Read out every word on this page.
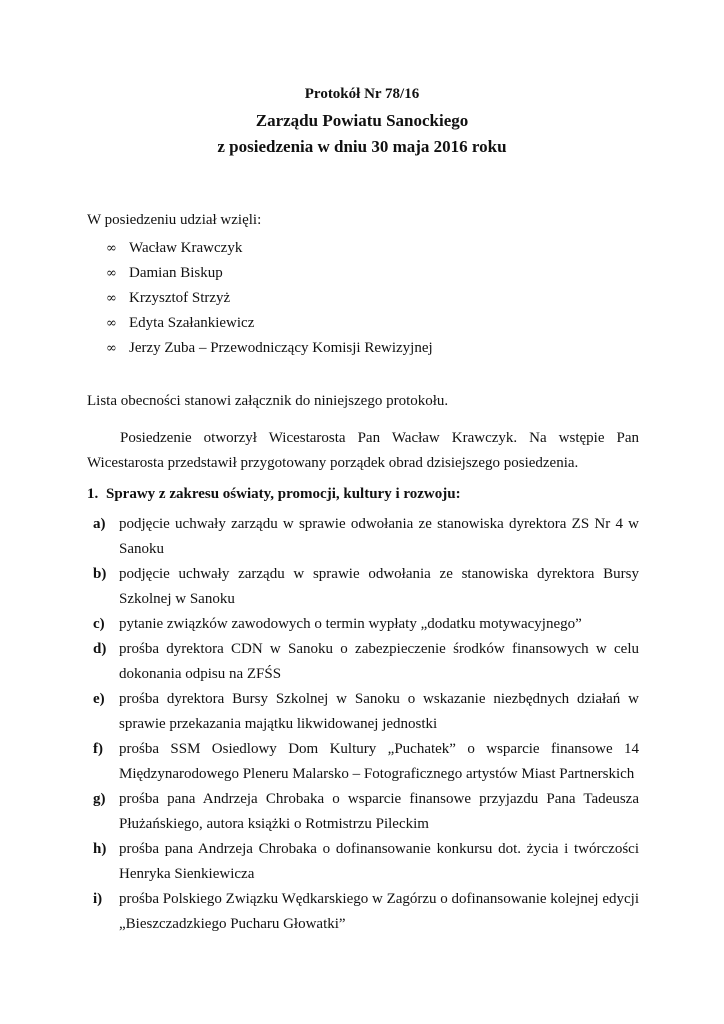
Protokół Nr 78/16
Zarządu Powiatu Sanockiego
z posiedzenia w dniu 30 maja 2016 roku
W posiedzeniu udział wzięli:
∞ Wacław Krawczyk
∞ Damian Biskup
∞ Krzysztof Strzyż
∞ Edyta Szałankiewicz
∞ Jerzy Zuba – Przewodniczący Komisji Rewizyjnej
Lista obecności stanowi załącznik do niniejszego protokołu.
Posiedzenie otworzył Wicestarosta Pan Wacław Krawczyk. Na wstępie Pan Wicestarosta przedstawił przygotowany porządek obrad dzisiejszego posiedzenia.
1. Sprawy z zakresu oświaty, promocji, kultury i rozwoju:
a) podjęcie uchwały zarządu w sprawie odwołania ze stanowiska dyrektora ZS Nr 4 w Sanoku
b) podjęcie uchwały zarządu w sprawie odwołania ze stanowiska dyrektora Bursy Szkolnej w Sanoku
c) pytanie związków zawodowych o termin wypłaty „dodatku motywacyjnego”
d) prośba dyrektora CDN w Sanoku o zabezpieczenie środków finansowych w celu dokonania odpisu na ZFŚS
e) prośba dyrektora Bursy Szkolnej w Sanoku o wskazanie niezbędnych działań w sprawie przekazania majątku likwidowanej jednostki
f)	prośba SSM Osiedlowy Dom Kultury „Puchatek” o wsparcie finansowe 14 Międzynarodowego Pleneru Malarsko – Fotograficznego artystów Miast Partnerskich
g) prośba pana Andrzeja Chrobaka o wsparcie finansowe przyjazdu Pana Tadeusza Płużańskiego, autora książki o Rotmistrzu Pileckim
h) prośba pana Andrzeja Chrobaka o dofinansowanie konkursu dot. życia i twórczości Henryka Sienkiewicza
i)	prośba Polskiego Związku Wędkarskiego w Zagórzu o dofinansowanie kolejnej edycji „Bieszczadzkiego Pucharu Głowatki”
